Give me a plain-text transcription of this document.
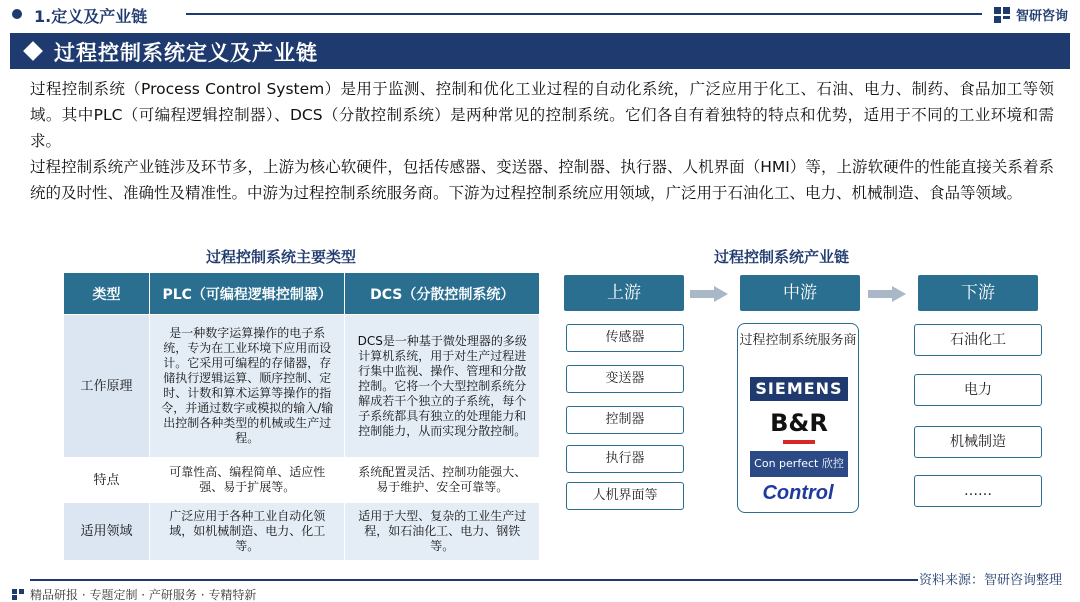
1.定义及产业链	智研咨询
过程控制系统定义及产业链

过程控制系统（Process Control System）是用于监测、控制和优化工业过程的自动化系统，广泛应用于化工、石油、电力、制药、食品加工等领域。其中PLC（可编程逻辑控制器）、DCS（分散控制系统）是两种常见的控制系统。它们各自有着独特的特点和优势，适用于不同的工业环境和需求。

过程控制系统产业链涉及环节多，上游为核心软硬件，包括传感器、变送器、控制器、执行器、人机界面（HMI）等，上游软硬件的性能直接关系着系统的及时性、准确性及精准性。中游为过程控制系统服务商。下游为过程控制系统应用领域，广泛用于石油化工、电力、机械制造、食品等领域。

过程控制系统主要类型
类型	PLC（可编程逻辑控制器）	DCS（分散控制系统）
工作原理	是一种数字运算操作的电子系统，专为在工业环境下应用而设计。它采用可编程的存储器，存储执行逻辑运算、顺序控制、定时、计数和算术运算等操作的指令，并通过数字或模拟的输入/输出控制各种类型的机械或生产过程。	DCS是一种基于微处理器的多级计算机系统，用于对生产过程进行集中监视、操作、管理和分散控制。它将一个大型控制系统分解成若干个独立的子系统，每个子系统都具有独立的处理能力和控制能力，从而实现分散控制。
特点	可靠性高、编程简单、适应性强、易于扩展等。	系统配置灵活、控制功能强大、易于维护、安全可靠等。
适用领域	广泛应用于各种工业自动化领域，如机械制造、电力、化工等。	适用于大型、复杂的工业生产过程，如石油化工、电力、钢铁等。
过程控制系统产业链
上游	中游	下游
传感器
变送器
控制器
执行器
人机界面等
过程控制系统服务商
SIEMENS
B&R
Con perfect 欣控
Control
石油化工
电力
机械制造
……
资料来源：智研咨询整理
精品研报 · 专题定制 · 产研服务 · 专精特新
